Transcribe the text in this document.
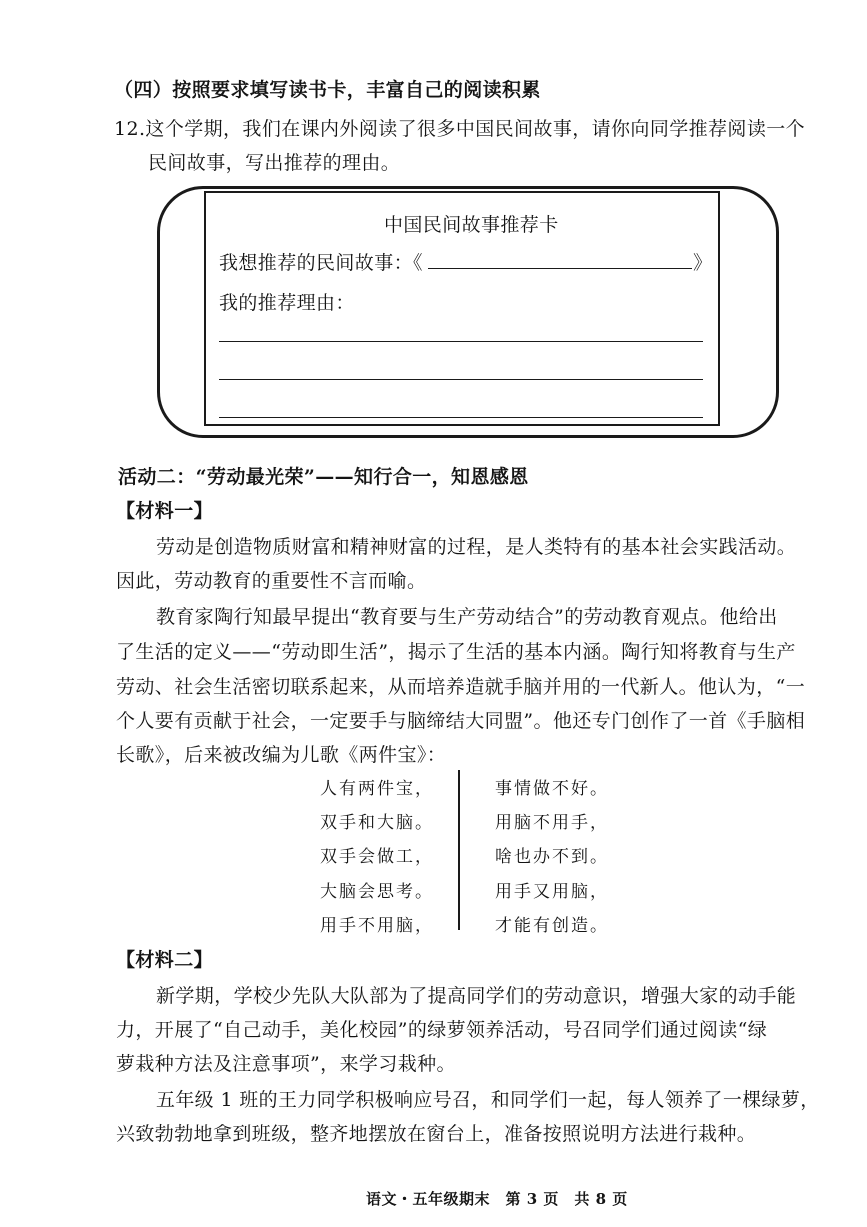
（四）按照要求填写读书卡，丰富自己的阅读积累
12.这个学期，我们在课内外阅读了很多中国民间故事，请你向同学推荐阅读一个
民间故事，写出推荐的理由。
中国民间故事推荐卡
我想推荐的民间故事：《	》
我的推荐理由：
活动二：“劳动最光荣”——知行合一，知恩感恩
【材料一】
劳动是创造物质财富和精神财富的过程，是人类特有的基本社会实践活动。
因此，劳动教育的重要性不言而喻。
教育家陶行知最早提出“教育要与生产劳动结合”的劳动教育观点。他给出
了生活的定义——“劳动即生活”，揭示了生活的基本内涵。陶行知将教育与生产
劳动、社会生活密切联系起来，从而培养造就手脑并用的一代新人。他认为，“一
个人要有贡献于社会，一定要手与脑缔结大同盟”。他还专门创作了一首《手脑相
长歌》，后来被改编为儿歌《两件宝》：
人有两件宝，
双手和大脑。
双手会做工，
大脑会思考。
用手不用脑，
事情做不好。
用脑不用手，
啥也办不到。
用手又用脑，
才能有创造。
【材料二】
新学期，学校少先队大队部为了提高同学们的劳动意识，增强大家的动手能
力，开展了“自己动手，美化校园”的绿萝领养活动，号召同学们通过阅读“绿
萝栽种方法及注意事项”，来学习栽种。
五年级 1 班的王力同学积极响应号召，和同学们一起，每人领养了一棵绿萝，
兴致勃勃地拿到班级，整齐地摆放在窗台上，准备按照说明方法进行栽种。
语文・五年级期末　第 3 页　共 8 页
